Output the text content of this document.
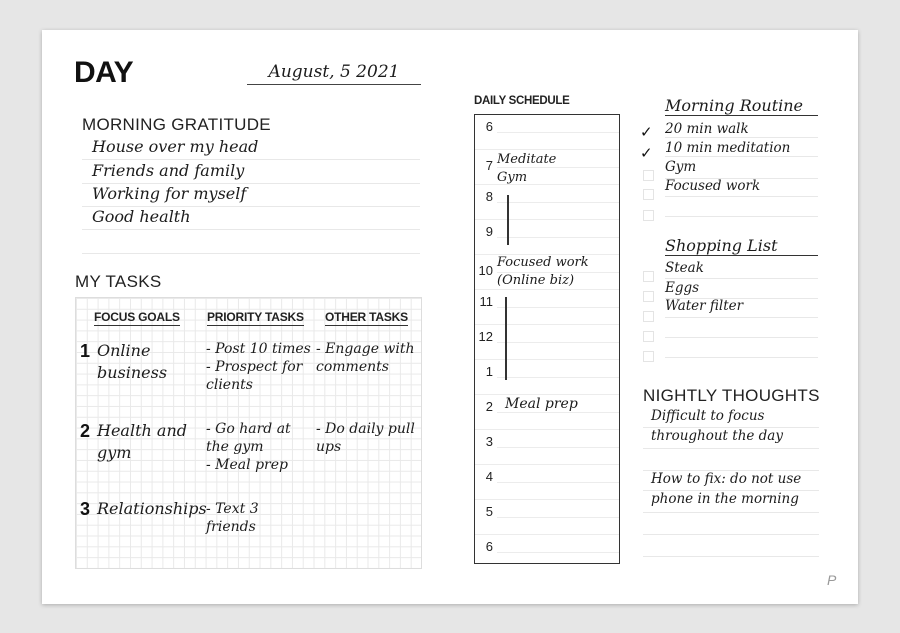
DAY	August, 5 2021
MORNING GRATITUDE
House over my head
Friends and family
Working for myself
Good health
MY TASKS
FOCUS GOALS PRIORITY TASKS OTHER TASKS
1 Online
business
- Post 10 times
- Prospect for
clients
- Engage with
comments
2 Health and
gym
- Go hard at
the gym
- Meal prep
- Do daily pull
ups
3 Relationships - Text 3
friends
DAILY SCHEDULE
6
7
8
9
10
11
12
1
2
3
4
5
6
Meditate
Gym
Focused work
(Online biz)
Meal prep
Morning Routine
✓ 20 min walk
✓ 10 min meditation
Gym
Focused work
Shopping List
Steak
Eggs
Water filter
NIGHTLY THOUGHTS
Difficult to focus
throughout the day
How to fix: do not use
phone in the morning
P
